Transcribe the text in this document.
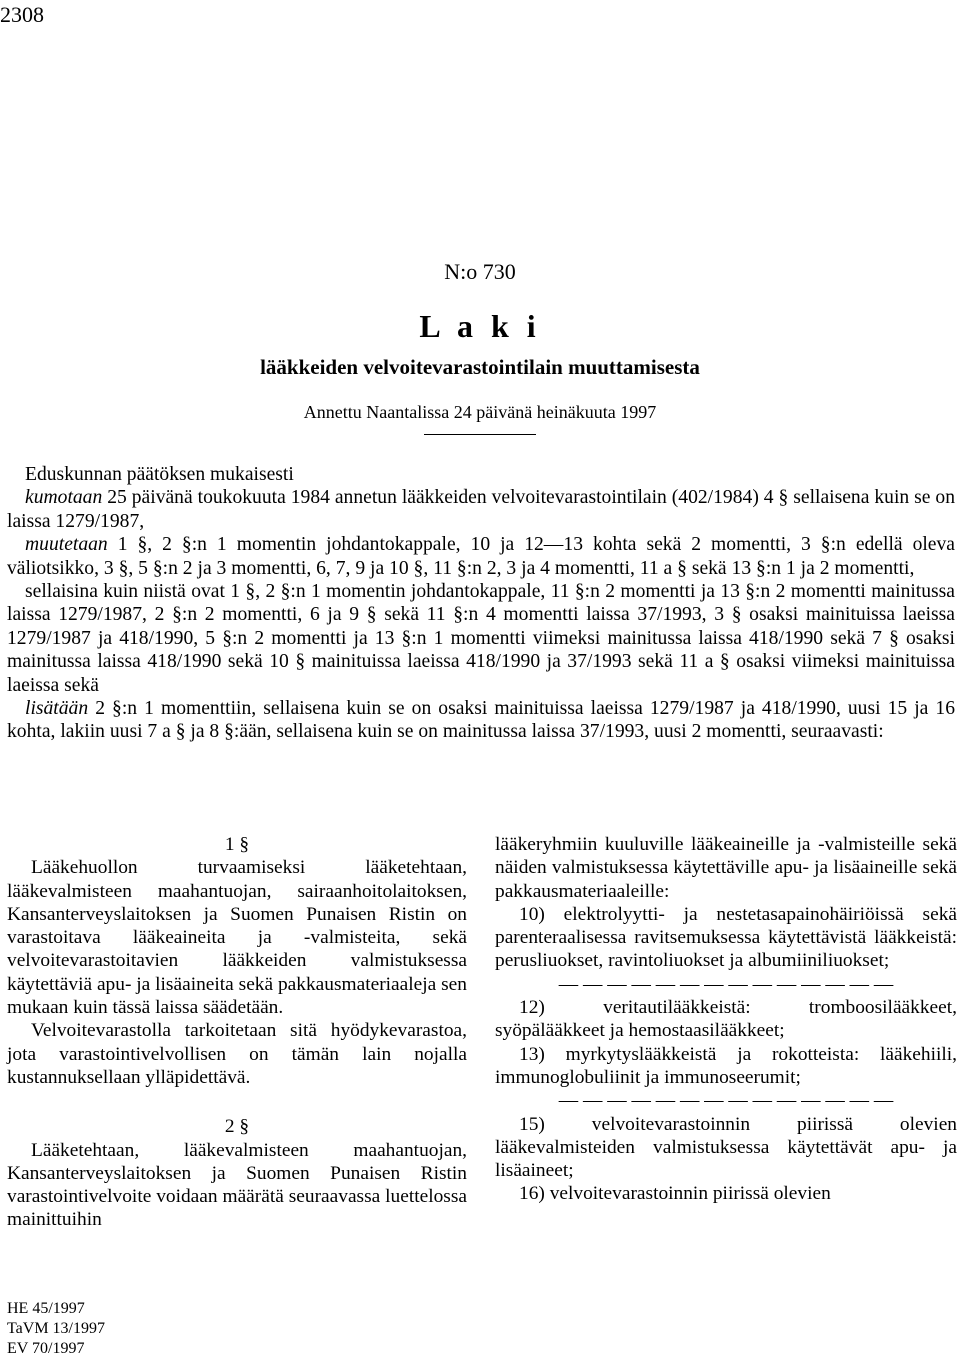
2308
N:o 730
L a k i
lääkkeiden velvoitevarastointilain muuttamisesta
Annettu Naantalissa 24 päivänä heinäkuuta 1997

Eduskunnan päätöksen mukaisesti

kumotaan 25 päivänä toukokuuta 1984 annetun lääkkeiden velvoitevarastointilain (402/1984) 4 § sellaisena kuin se on laissa 1279/1987,

muutetaan 1 §, 2 §:n 1 momentin johdantokappale, 10 ja 12—13 kohta sekä 2 momentti, 3 §:n edellä oleva väliotsikko, 3 §, 5 §:n 2 ja 3 momentti, 6, 7, 9 ja 10 §, 11 §:n 2, 3 ja 4 momentti, 11 a § sekä 13 §:n 1 ja 2 momentti,

sellaisina kuin niistä ovat 1 §, 2 §:n 1 momentin johdantokappale, 11 §:n 2 momentti ja 13 §:n 2 momentti mainitussa laissa 1279/1987, 2 §:n 2 momentti, 6 ja 9 § sekä 11 §:n 4 momentti laissa 37/1993, 3 § osaksi mainituissa laeissa 1279/1987 ja 418/1990, 5 §:n 2 momentti ja 13 §:n 1 momentti viimeksi mainitussa laissa 418/1990 sekä 7 § osaksi mainitussa laissa 418/1990 sekä 10 § mainituissa laeissa 418/1990 ja 37/1993 sekä 11 a § osaksi viimeksi mainituissa laeissa sekä

lisätään 2 §:n 1 momenttiin, sellaisena kuin se on osaksi mainituissa laeissa 1279/1987 ja 418/1990, uusi 15 ja 16 kohta, lakiin uusi 7 a § ja 8 §:ään, sellaisena kuin se on mainitussa laissa 37/1993, uusi 2 momentti, seuraavasti:

1 §

Lääkehuollon turvaamiseksi lääketehtaan, lääkevalmisteen maahantuojan, sairaanhoitolaitoksen, Kansanterveyslaitoksen ja Suomen Punaisen Ristin on varastoitava lääkeaineita ja -valmisteita, sekä velvoitevarastoitavien lääkkeiden valmistuksessa käytettäviä apu- ja lisäaineita sekä pakkausmateriaaleja sen mukaan kuin tässä laissa säädetään.

Velvoitevarastolla tarkoitetaan sitä hyödykevarastoa, jota varastointivelvollisen on tämän lain nojalla kustannuksellaan ylläpidettävä.

2 §

Lääketehtaan, lääkevalmisteen maahantuojan, Kansanterveyslaitoksen ja Suomen Punaisen Ristin varastointivelvoite voidaan määrätä seuraavassa luettelossa mainittuihin

lääkeryhmiin kuuluville lääkeaineille ja -valmisteille sekä näiden valmistuksessa käytettäville apu- ja lisäaineille sekä pakkausmateriaaleille:

10) elektrolyytti- ja nestetasapainohäiriöissä sekä parenteraalisessa ravitsemuksessa käytettävistä lääkkeistä: perusliuokset, ravintoliuokset ja albumiiniliuokset;

— — — — — — — — — — — — — —

12) veritautilääkkeistä: tromboosilääkkeet, syöpälääkkeet ja hemostaasilääkkeet;

13) myrkytyslääkkeistä ja rokotteista: lääkehiili, immunoglobuliinit ja immunoseerumit;

— — — — — — — — — — — — — —

15) velvoitevarastoinnin piirissä olevien lääkevalmisteiden valmistuksessa käytettävät apu- ja lisäaineet;

16) velvoitevarastoinnin piirissä olevien

HE 45/1997
TaVM 13/1997
EV 70/1997
